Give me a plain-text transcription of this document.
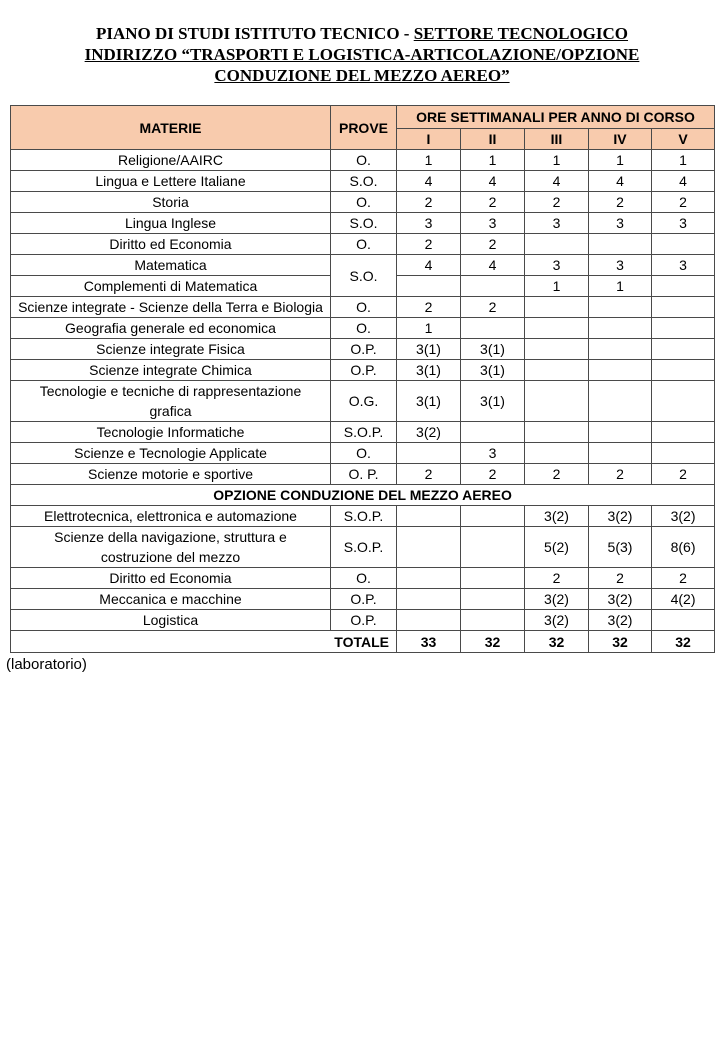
PIANO DI STUDI ISTITUTO TECNICO - SETTORE TECNOLOGICO
INDIRIZZO “TRASPORTI E LOGISTICA-ARTICOLAZIONE/OPZIONE
CONDUZIONE DEL MEZZO AEREO”
MATERIE	PROVE	ORE SETTIMANALI PER ANNO DI CORSO				
		I	II	III	IV	V
Religione/AAIRC	O.	1	1	1	1	1
Lingua e Lettere Italiane	S.O.	4	4	4	4	4
Storia	O.	2	2	2	2	2
Lingua Inglese	S.O.	3	3	3	3	3
Diritto ed Economia	O.	2	2			
Matematica	S.O.	4	4	3	3	3
Complementi di Matematica				1	1	
Scienze integrate - Scienze della Terra e Biologia	O.	2	2			
Geografia generale ed economica	O.	1				
Scienze integrate Fisica	O.P.	3(1)	3(1)			
Scienze integrate Chimica	O.P.	3(1)	3(1)			
Tecnologie e tecniche di rappresentazione grafica	O.G.	3(1)	3(1)			
Tecnologie Informatiche	S.O.P.	3(2)				
Scienze e Tecnologie Applicate	O.		3			
Scienze motorie e sportive	O. P.	2	2	2	2	2
OPZIONE CONDUZIONE DEL MEZZO AEREO						
Elettrotecnica, elettronica e automazione	S.O.P.			3(2)	3(2)	3(2)
Scienze della navigazione, struttura e costruzione del mezzo	S.O.P.			5(2)	5(3)	8(6)
Diritto ed Economia	O.			2	2	2
Meccanica e macchine	O.P.			3(2)	3(2)	4(2)
Logistica	O.P.			3(2)	3(2)	
TOTALE		33	32	32	32	32
(laboratorio)
